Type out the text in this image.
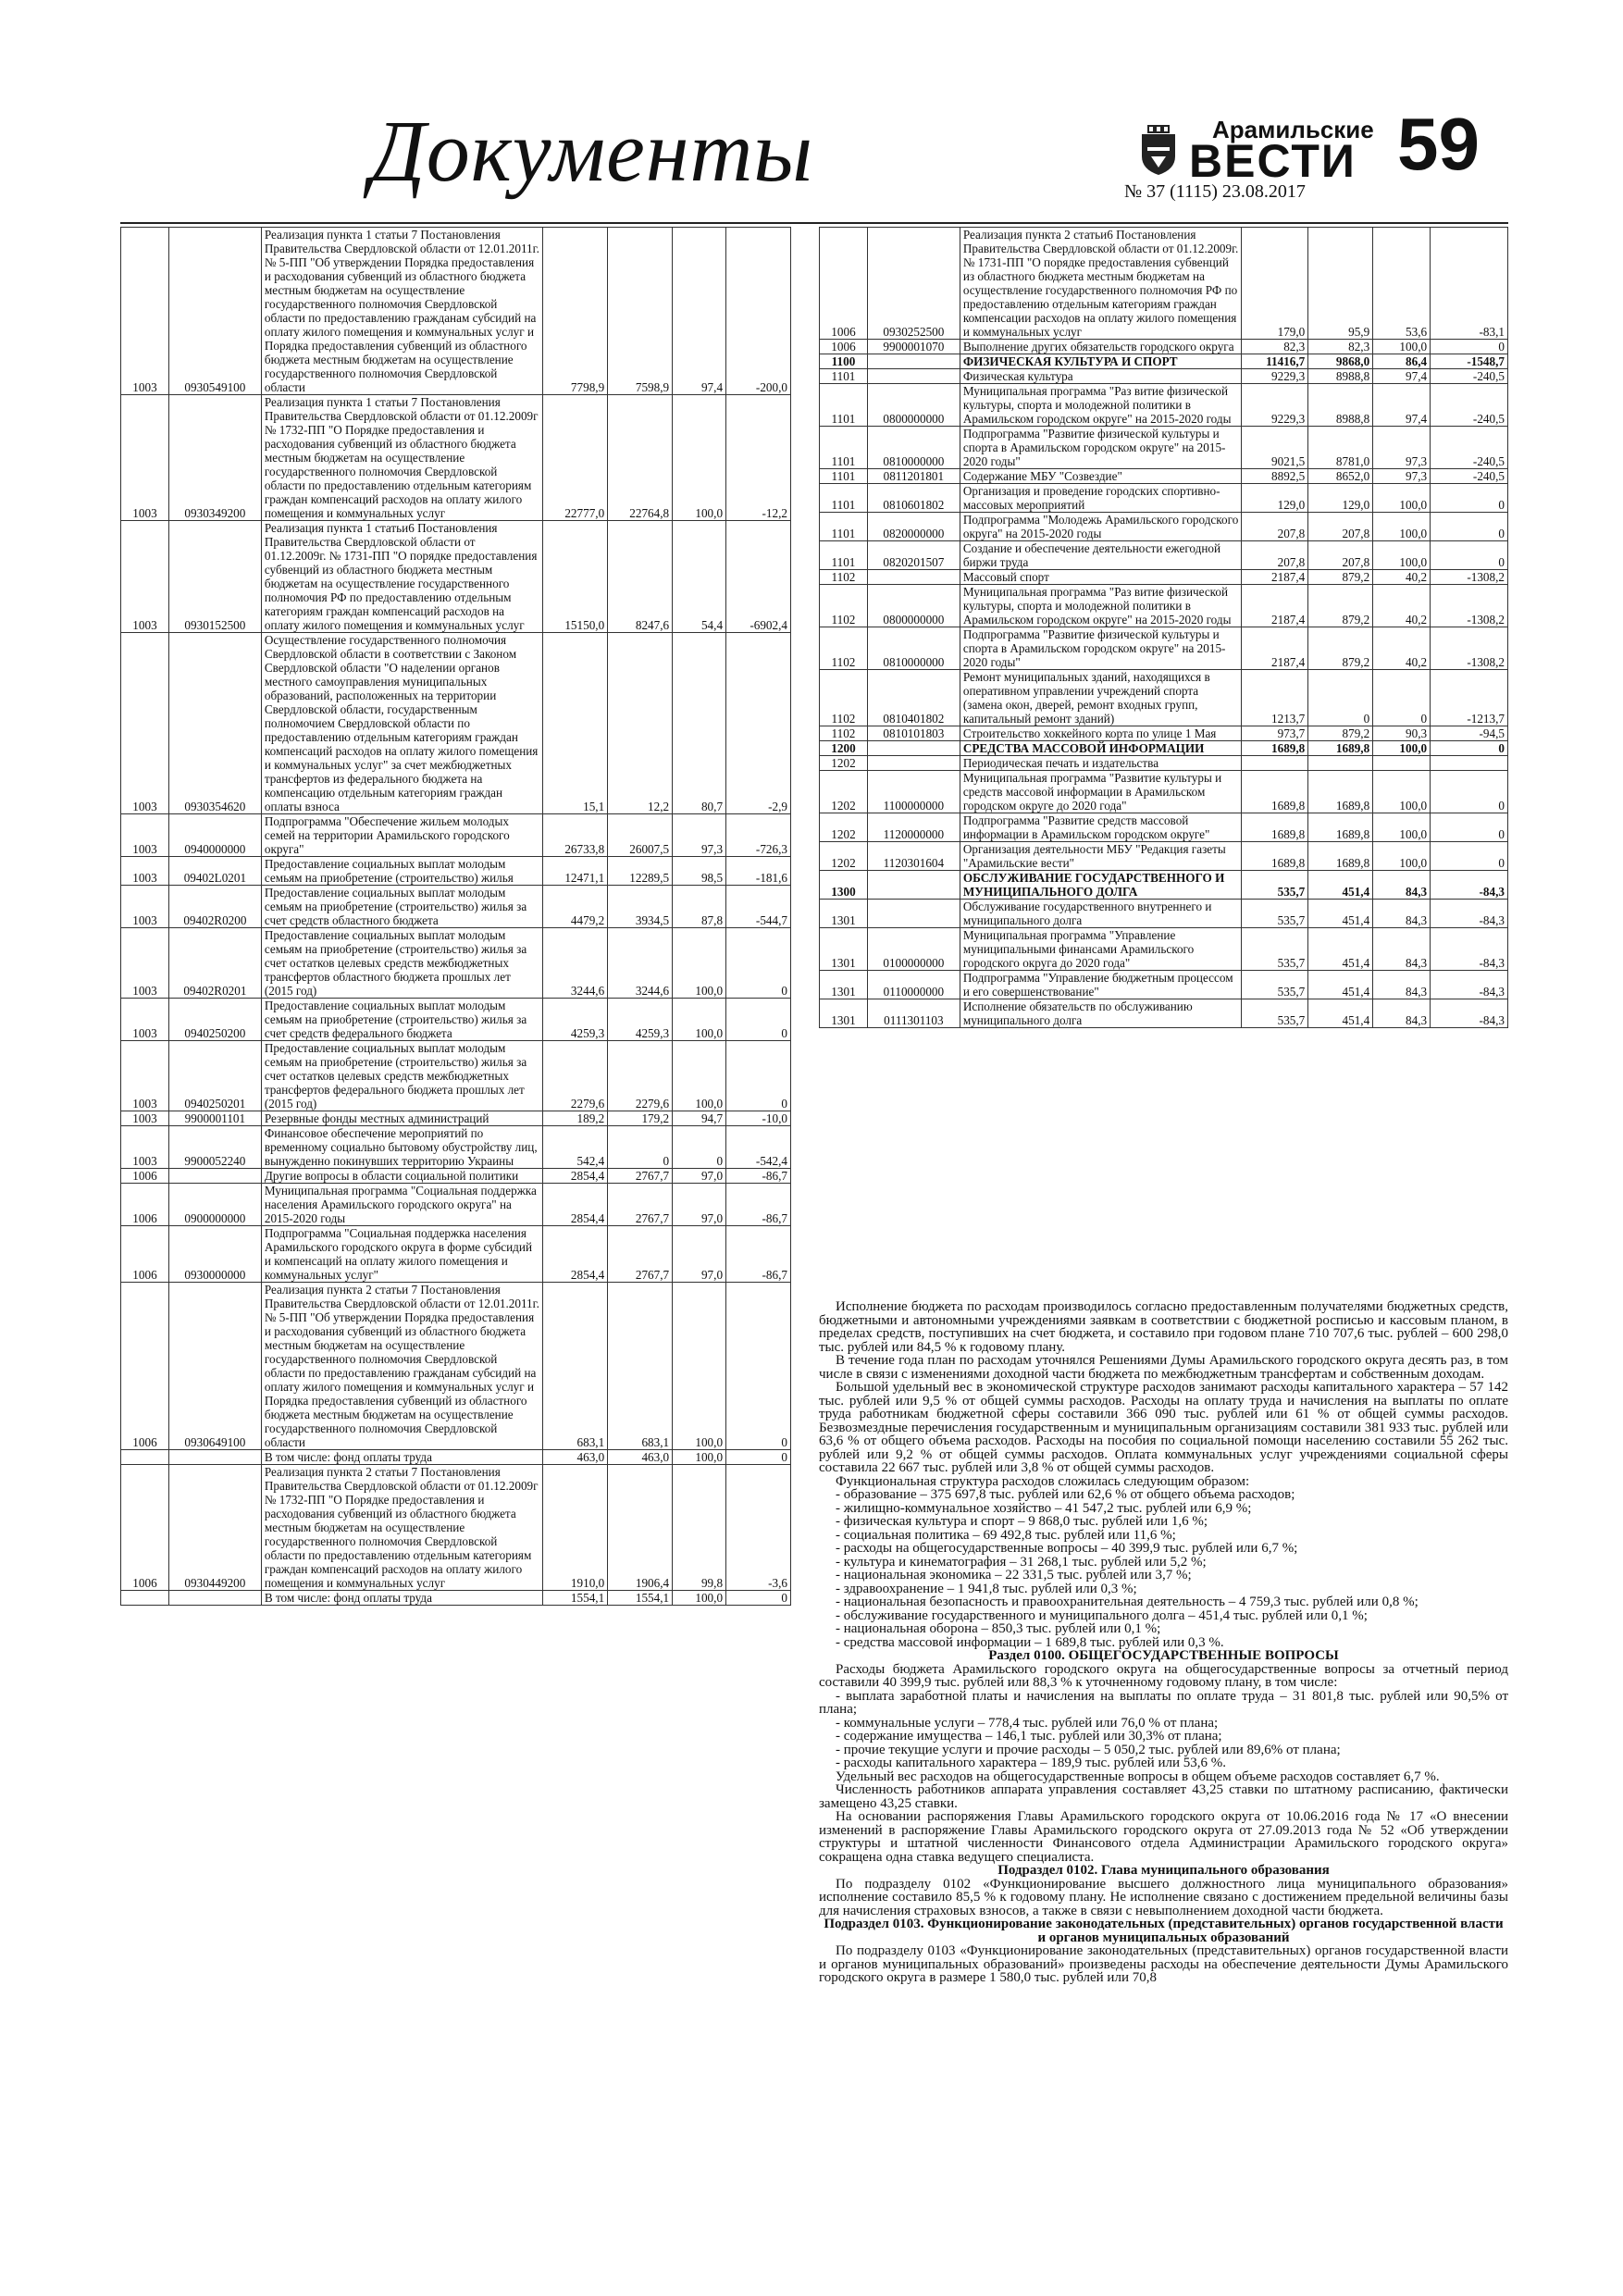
Документы	Арамильские
ВЕСТИ 59
№ 37 (1115) 23.08.2017
1003	0930549100	Реализация пункта 1 статьи 7 Постановления Правительства Свердловской области от 12.01.2011г. № 5-ПП "Об утверждении Порядка предоставления и расходования субвенций из областного бюджета местным бюджетам на осуществление государственного полномочия Свердловской области по предоставлению гражданам субсидий на оплату жилого помещения и коммунальных услуг и Порядка предоставления субвенций из областного бюджета местным бюджетам на осуществление государственного полномочия Свердловской области	7798,9	7598,9	97,4	-200,0
1003	0930349200	Реализация пункта 1 статьи 7 Постановления Правительства Свердловской области от 01.12.2009г № 1732-ПП "О Порядке предоставления и расходования субвенций из областного бюджета местным бюджетам на осуществление государственного полномочия Свердловской области по предоставлению отдельным категориям граждан компенсаций расходов на оплату жилого помещения и коммунальных услуг	22777,0	22764,8	100,0	-12,2
1003	0930152500	Реализация пункта 1 статьи6 Постановления Правительства Свердловской области от 01.12.2009г. № 1731-ПП "О порядке предоставления субвенций из областного бюджета местным бюджетам на осуществление государственного полномочия РФ по предоставлению отдельным категориям граждан компенсаций расходов на оплату жилого помещения и коммунальных услуг	15150,0	8247,6	54,4	-6902,4
1003	0930354620	Осуществление государственного полномочия Свердловской области в соответствии с Законом Свердловской области "О наделении органов местного самоуправления муниципальных образований, расположенных на территории Свердловской области, государственным полномочием Свердловской области по предоставлению отдельным категориям граждан компенсаций расходов на оплату жилого помещения и коммунальных услуг" за счет межбюджетных трансфертов из федерального бюджета на компенсацию отдельным категориям граждан оплаты взноса	15,1	12,2	80,7	-2,9
1003	0940000000	Подпрограмма "Обеспечение жильем молодых семей на территории Арамильского городского округа"	26733,8	26007,5	97,3	-726,3
1003	09402L0201	Предоставление социальных выплат молодым семьям на приобретение (строительство) жилья	12471,1	12289,5	98,5	-181,6
1003	09402R0200	Предоставление социальных выплат молодым семьям на приобретение (строительство) жилья за счет средств областного бюджета	4479,2	3934,5	87,8	-544,7
1003	09402R0201	Предоставление социальных выплат молодым семьям на приобретение (строительство) жилья за счет остатков целевых средств межбюджетных трансфертов областного бюджета прошлых лет (2015 год)	3244,6	3244,6	100,0	0
1003	0940250200	Предоставление социальных выплат молодым семьям на приобретение (строительство) жилья за счет средств федерального бюджета	4259,3	4259,3	100,0	0
1003	0940250201	Предоставление социальных выплат молодым семьям на приобретение (строительство) жилья за счет остатков целевых средств межбюджетных трансфертов федерального бюджета прошлых лет (2015 год)	2279,6	2279,6	100,0	0
1003	9900001101	Резервные фонды местных администраций	189,2	179,2	94,7	-10,0
1003	9900052240	Финансовое обеспечение мероприятий по временному социально бытовому обустройству лиц, вынужденно покинувших территорию Украины	542,4	0	0	-542,4
1006		Другие вопросы в области социальной политики	2854,4	2767,7	97,0	-86,7
1006	0900000000	Муниципальная программа "Социальная поддержка населения Арамильского городского округа" на 2015-2020 годы	2854,4	2767,7	97,0	-86,7
1006	0930000000	Подпрограмма "Социальная поддержка населения Арамильского городского округа в форме субсидий и компенсаций на оплату жилого помещения и коммунальных услуг"	2854,4	2767,7	97,0	-86,7
1006	0930649100	Реализация пункта 2 статьи 7 Постановления Правительства Свердловской области от 12.01.2011г. № 5-ПП "Об утверждении Порядка предоставления и расходования субвенций из областного бюджета местным бюджетам на осуществление государственного полномочия Свердловской области по предоставлению гражданам субсидий на оплату жилого помещения и коммунальных услуг и Порядка предоставления субвенций из областного бюджета местным бюджетам на осуществление государственного полномочия Свердловской области	683,1	683,1	100,0	0
		В том числе: фонд оплаты труда	463,0	463,0	100,0	0
1006	0930449200	Реализация пункта 2 статьи 7 Постановления Правительства Свердловской области от 01.12.2009г № 1732-ПП "О Порядке предоставления и расходования субвенций из областного бюджета местным бюджетам на осуществление государственного полномочия Свердловской области по предоставлению отдельным категориям граждан компенсаций расходов на оплату жилого помещения и коммунальных услуг	1910,0	1906,4	99,8	-3,6
		В том числе: фонд оплаты труда	1554,1	1554,1	100,0	0
1006	0930252500	Реализация пункта 2 статьи6 Постановления Правительства Свердловской области от 01.12.2009г. № 1731-ПП "О порядке предоставления субвенций из областного бюджета местным бюджетам на осуществление государственного полномочия РФ по предоставлению отдельным категориям граждан компенсации расходов на оплату жилого помещения и коммунальных услуг	179,0	95,9	53,6	-83,1
1006	9900001070	Выполнение других обязательств городского округа	82,3	82,3	100,0	0
1100		ФИЗИЧЕСКАЯ КУЛЬТУРА И СПОРТ	11416,7	9868,0	86,4	-1548,7
1101		Физическая культура	9229,3	8988,8	97,4	-240,5
1101	0800000000	Муниципальная программа "Раз витие физической культуры, спорта и молодежной политики в Арамильском городском округе" на 2015-2020 годы	9229,3	8988,8	97,4	-240,5
1101	0810000000	Подпрограмма "Развитие физической культуры и спорта в Арамильском городском округе" на 2015-2020 годы"	9021,5	8781,0	97,3	-240,5
1101	0811201801	Содержание МБУ "Созвездие"	8892,5	8652,0	97,3	-240,5
1101	0810601802	Организация и проведение городских спортивно-массовых мероприятий	129,0	129,0	100,0	0
1101	0820000000	Подпрограмма "Молодежь Арамильского городского округа" на 2015-2020 годы	207,8	207,8	100,0	0
1101	0820201507	Создание и обеспечение деятельности ежегодной биржи труда	207,8	207,8	100,0	0
1102		Массовый спорт	2187,4	879,2	40,2	-1308,2
1102	0800000000	Муниципальная программа "Раз витие физической культуры, спорта и молодежной политики в Арамильском городском округе" на 2015-2020 годы	2187,4	879,2	40,2	-1308,2
1102	0810000000	Подпрограмма "Развитие физической культуры и спорта в Арамильском городском округе" на 2015-2020 годы"	2187,4	879,2	40,2	-1308,2
1102	0810401802	Ремонт муниципальных зданий, находящихся в оперативном управлении учреждений спорта (замена окон, дверей, ремонт входных групп, капитальный ремонт зданий)	1213,7	0	0	-1213,7
1102	0810101803	Строительство хоккейного корта по улице 1 Мая	973,7	879,2	90,3	-94,5
1200		СРЕДСТВА МАССОВОЙ ИНФОРМАЦИИ	1689,8	1689,8	100,0	0
1202		Периодическая печать и издательства				
1202	1100000000	Муниципальная программа "Развитие культуры и средств массовой информации в Арамильском городском округе до 2020 года"	1689,8	1689,8	100,0	0
1202	1120000000	Подпрограмма "Развитие средств массовой информации в Арамильском городском округе"	1689,8	1689,8	100,0	0
1202	1120301604	Организация деятельности МБУ "Редакция газеты "Арамильские вести"	1689,8	1689,8	100,0	0
1300		ОБСЛУЖИВАНИЕ ГОСУДАРСТВЕННОГО И МУНИЦИПАЛЬНОГО ДОЛГА	535,7	451,4	84,3	-84,3
1301		Обслуживание государственного внутреннего и муниципального долга	535,7	451,4	84,3	-84,3
1301	0100000000	Муниципальная программа "Управление муниципальными финансами Арамильского городского округа до 2020 года"	535,7	451,4	84,3	-84,3
1301	0110000000	Подпрограмма "Управление бюджетным процессом и его совершенствование"	535,7	451,4	84,3	-84,3
1301	0111301103	Исполнение обязательств по обслуживанию муниципального долга	535,7	451,4	84,3	-84,3

Исполнение бюджета по расходам производилось согласно предоставленным получателями бюджетных средств, бюджетными и автономными учреждениями заявкам в соответствии с бюджетной росписью и кассовым планом, в пределах средств, поступивших на счет бюджета, и составило при годовом плане 710 707,6 тыс. рублей – 600 298,0 тыс. рублей или 84,5 % к годовому плану.

В течение года план по расходам уточнялся Решениями Думы Арамильского городского округа десять раз, в том числе в связи с изменениями доходной части бюджета по межбюджетным трансфертам и собственным доходам.

Большой удельный вес в экономической структуре расходов занимают расходы капитального характера – 57 142 тыс. рублей или 9,5 % от общей суммы расходов. Расходы на оплату труда и начисления на выплаты по оплате труда работникам бюджетной сферы составили 366 090 тыс. рублей или 61 % от общей суммы расходов. Безвозмездные перечисления государственным и муниципальным организациям составили 381 933 тыс. рублей или 63,6 % от общего объема расходов. Расходы на пособия по социальной помощи населению составили 55 262 тыс. рублей или 9,2 % от общей суммы расходов. Оплата коммунальных услуг учреждениями социальной сферы составила 22 667 тыс. рублей или 3,8 % от общей суммы расходов.

Функциональная структура расходов сложилась следующим образом:

- образование – 375 697,8 тыс. рублей или 62,6 % от общего объема расходов;

- жилищно-коммунальное хозяйство – 41 547,2 тыс. рублей или 6,9 %;

- физическая культура и спорт – 9 868,0 тыс. рублей или 1,6 %;

- социальная политика – 69 492,8 тыс. рублей или 11,6 %;

- расходы на общегосударственные вопросы – 40 399,9 тыс. рублей или 6,7 %;

- культура и кинематография – 31 268,1 тыс. рублей или 5,2 %;

- национальная экономика – 22 331,5 тыс. рублей или 3,7 %;

- здравоохранение – 1 941,8 тыс. рублей или 0,3 %;

- национальная безопасность и правоохранительная деятельность – 4 759,3 тыс. рублей или 0,8 %;

- обслуживание государственного и муниципального долга – 451,4 тыс. рублей или 0,1 %;

- национальная оборона – 850,3 тыс. рублей или 0,1 %;

- средства массовой информации – 1 689,8 тыс. рублей или 0,3 %.

Раздел 0100. ОБЩЕГОСУДАРСТВЕННЫЕ ВОПРОСЫ

Расходы бюджета Арамильского городского округа на общегосударственные вопросы за отчетный период составили 40 399,9 тыс. рублей или 88,3 % к уточненному годовому плану, в том числе:

- выплата заработной платы и начисления на выплаты по оплате труда – 31 801,8 тыс. рублей или 90,5% от плана;

- коммунальные услуги – 778,4 тыс. рублей или 76,0 % от плана;

- содержание имущества – 146,1 тыс. рублей или 30,3% от плана;

- прочие текущие услуги и прочие расходы – 5 050,2 тыс. рублей или 89,6% от плана;

- расходы капитального характера – 189,9 тыс. рублей или 53,6 %.

Удельный вес расходов на общегосударственные вопросы в общем объеме расходов составляет 6,7 %.

Численность работников аппарата управления составляет 43,25 ставки по штатному расписанию, фактически замещено 43,25 ставки.

На основании распоряжения Главы Арамильского городского округа от 10.06.2016 года № 17 «О внесении изменений в распоряжение Главы Арамильского городского округа от 27.09.2013 года № 52 «Об утверждении структуры и штатной численности Финансового отдела Администрации Арамильского городского округа» сокращена одна ставка ведущего специалиста.

Подраздел 0102. Глава муниципального образования

По подразделу 0102 «Функционирование высшего должностного лица муниципального образования» исполнение составило 85,5 % к годовому плану. Не исполнение связано с достижением предельной величины базы для начисления страховых взносов, а также в связи с невыполнением доходной части бюджета.

Подраздел 0103. Функционирование законодательных (представительных) органов государственной власти и органов муниципальных образований

По подразделу 0103 «Функционирование законодательных (представительных) органов государственной власти и органов муниципальных образований» произведены расходы на обеспечение деятельности Думы Арамильского городского округа в размере 1 580,0 тыс. рублей или 70,8
